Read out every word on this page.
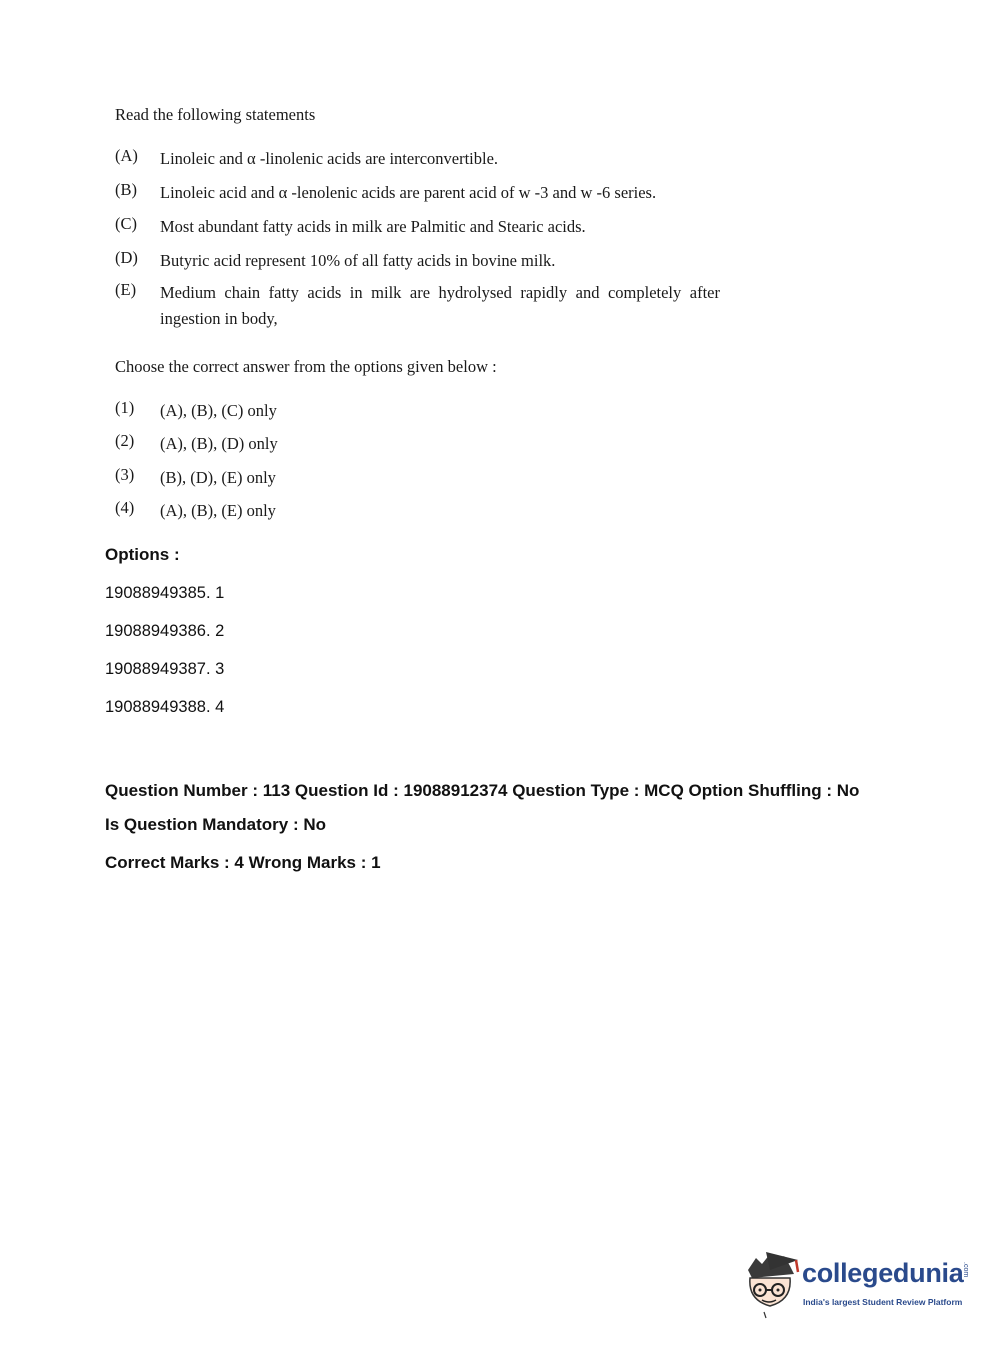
Read the following statements
(A) Linoleic and α -linolenic acids are interconvertible.
(B) Linoleic acid and α -lenolenic acids are parent acid of w -3 and w -6 series.
(C) Most abundant fatty acids in milk are Palmitic and Stearic acids.
(D) Butyric acid represent 10% of all fatty acids in bovine milk.
(E) Medium chain fatty acids in milk are hydrolysed rapidly and completely after ingestion in body,
Choose the correct answer from the options given below :
(1) (A), (B), (C) only
(2) (A), (B), (D) only
(3) (B), (D), (E) only
(4) (A), (B), (E) only
Options :
19088949385. 1
19088949386. 2
19088949387. 3
19088949388. 4
Question Number : 113 Question Id : 19088912374 Question Type : MCQ Option Shuffling : No
Is Question Mandatory : No
Correct Marks : 4 Wrong Marks : 1
collegedunia
.com
India's largest Student Review Platform
